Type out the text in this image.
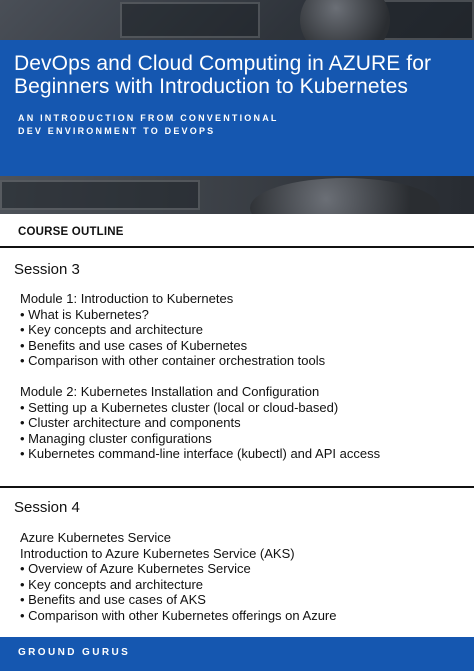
DevOps and Cloud Computing in AZURE for Beginners with Introduction to Kubernetes
AN INTRODUCTION FROM CONVENTIONAL
DEV ENVIRONMENT TO DEVOPS
COURSE OUTLINE
Session 3
Module 1: Introduction to Kubernetes
• What is Kubernetes?
• Key concepts and architecture
• Benefits and use cases of Kubernetes
• Comparison with other container orchestration tools
Module 2: Kubernetes Installation and Configuration
• Setting up a Kubernetes cluster (local or cloud-based)
• Cluster architecture and components
• Managing cluster configurations
• Kubernetes command-line interface (kubectl) and API access
Session 4
Azure Kubernetes Service
Introduction to Azure Kubernetes Service (AKS)
• Overview of Azure Kubernetes Service
• Key concepts and architecture
• Benefits and use cases of AKS
• Comparison with other Kubernetes offerings on Azure
GROUND GURUS
